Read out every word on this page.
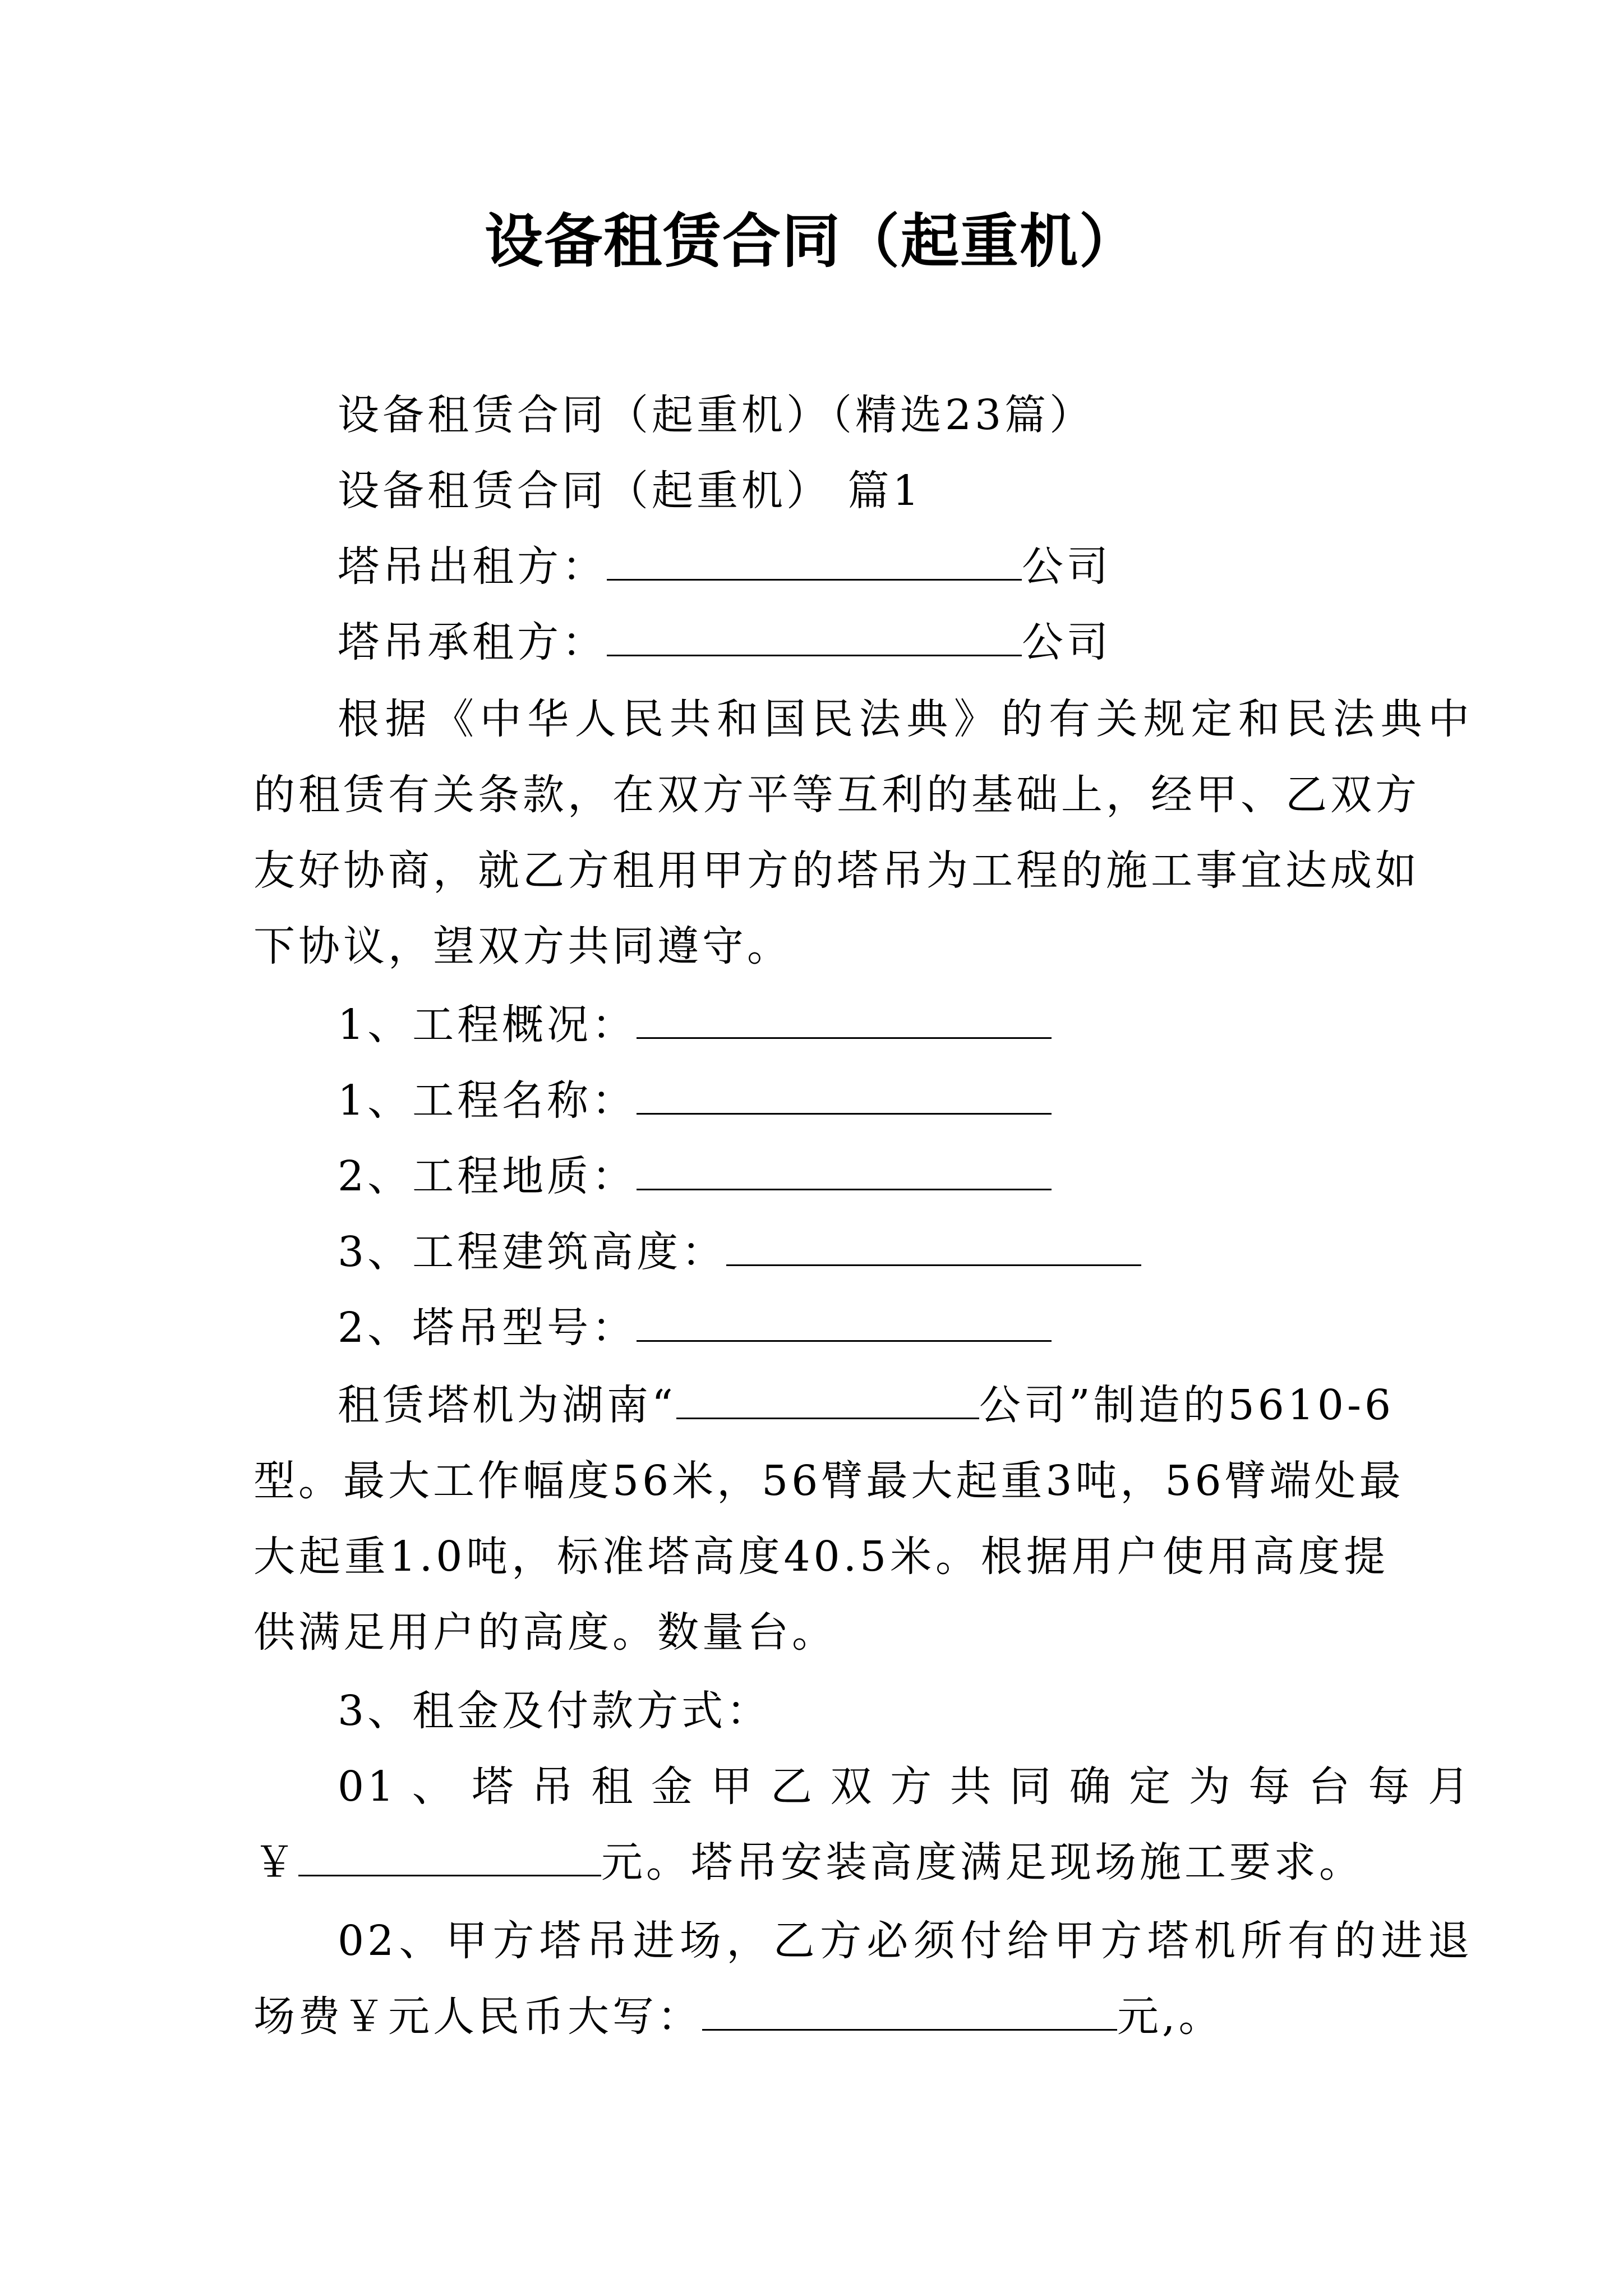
设备租赁合同（起重机）
设备租赁合同（起重机）（精选23篇）
设备租赁合同（起重机） 篇1
塔吊出租方：	公司
塔吊承租方：	公司
根据《中华人民共和国民法典》的有关规定和民法典中
的租赁有关条款，在双方平等互利的基础上，经甲、乙双方
友好协商，就乙方租用甲方的塔吊为工程的施工事宜达成如
下协议，望双方共同遵守。
1、工程概况：
1、工程名称：
2、工程地质：
3、工程建筑高度：
2、塔吊型号：
租赁塔机为湖南“	公司”制造的5610-6
型。最大工作幅度56米，56臂最大起重3吨，56臂端处最
大起重1.0吨，标准塔高度40.5米。根据用户使用高度提
供满足用户的高度。数量台。
3、租金及付款方式：
01、塔吊租金甲乙双方共同确定为每台每月
￥	元。塔吊安装高度满足现场施工要求。
02、甲方塔吊进场，乙方必须付给甲方塔机所有的进退
场费￥元人民币大写：	元,。
